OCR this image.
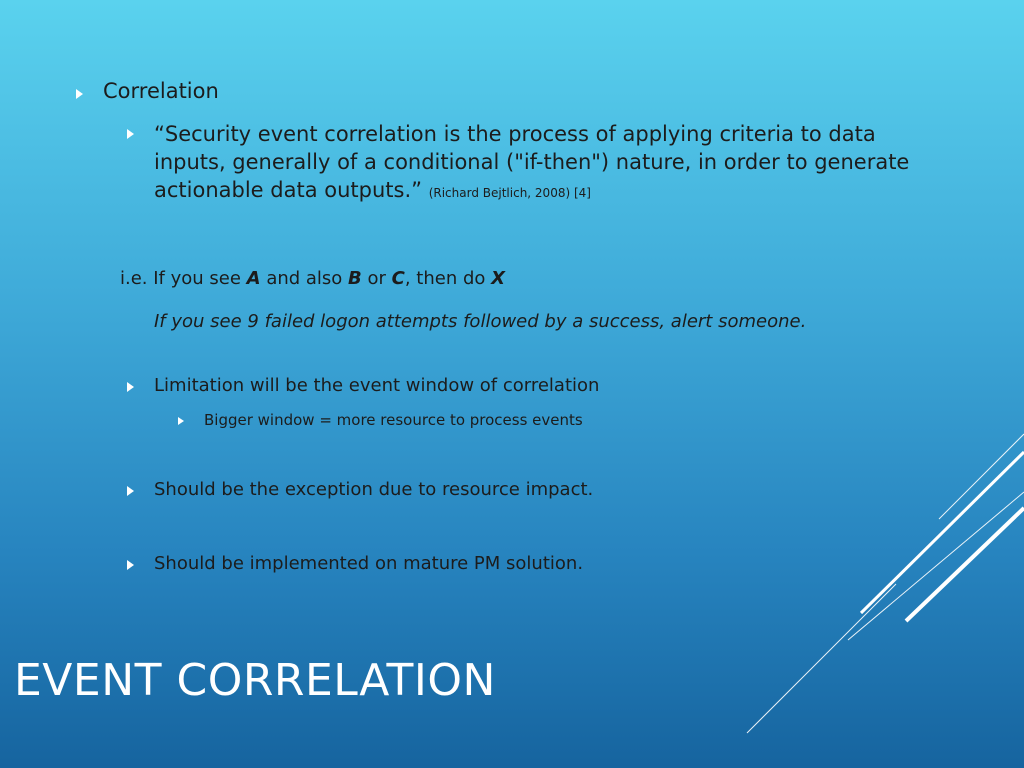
Correlation
“Security event correlation is the process of applying criteria to data
inputs, generally of a conditional ("if-then") nature, in order to generate
actionable data outputs.” (Richard Bejtlich, 2008) [4]
i.e. If you see A and also B or C, then do X
If you see 9 failed logon attempts followed by a success, alert someone.
Limitation will be the event window of correlation
Bigger window = more resource to process events
Should be the exception due to resource impact.
Should be implemented on mature PM solution.
EVENT CORRELATION
